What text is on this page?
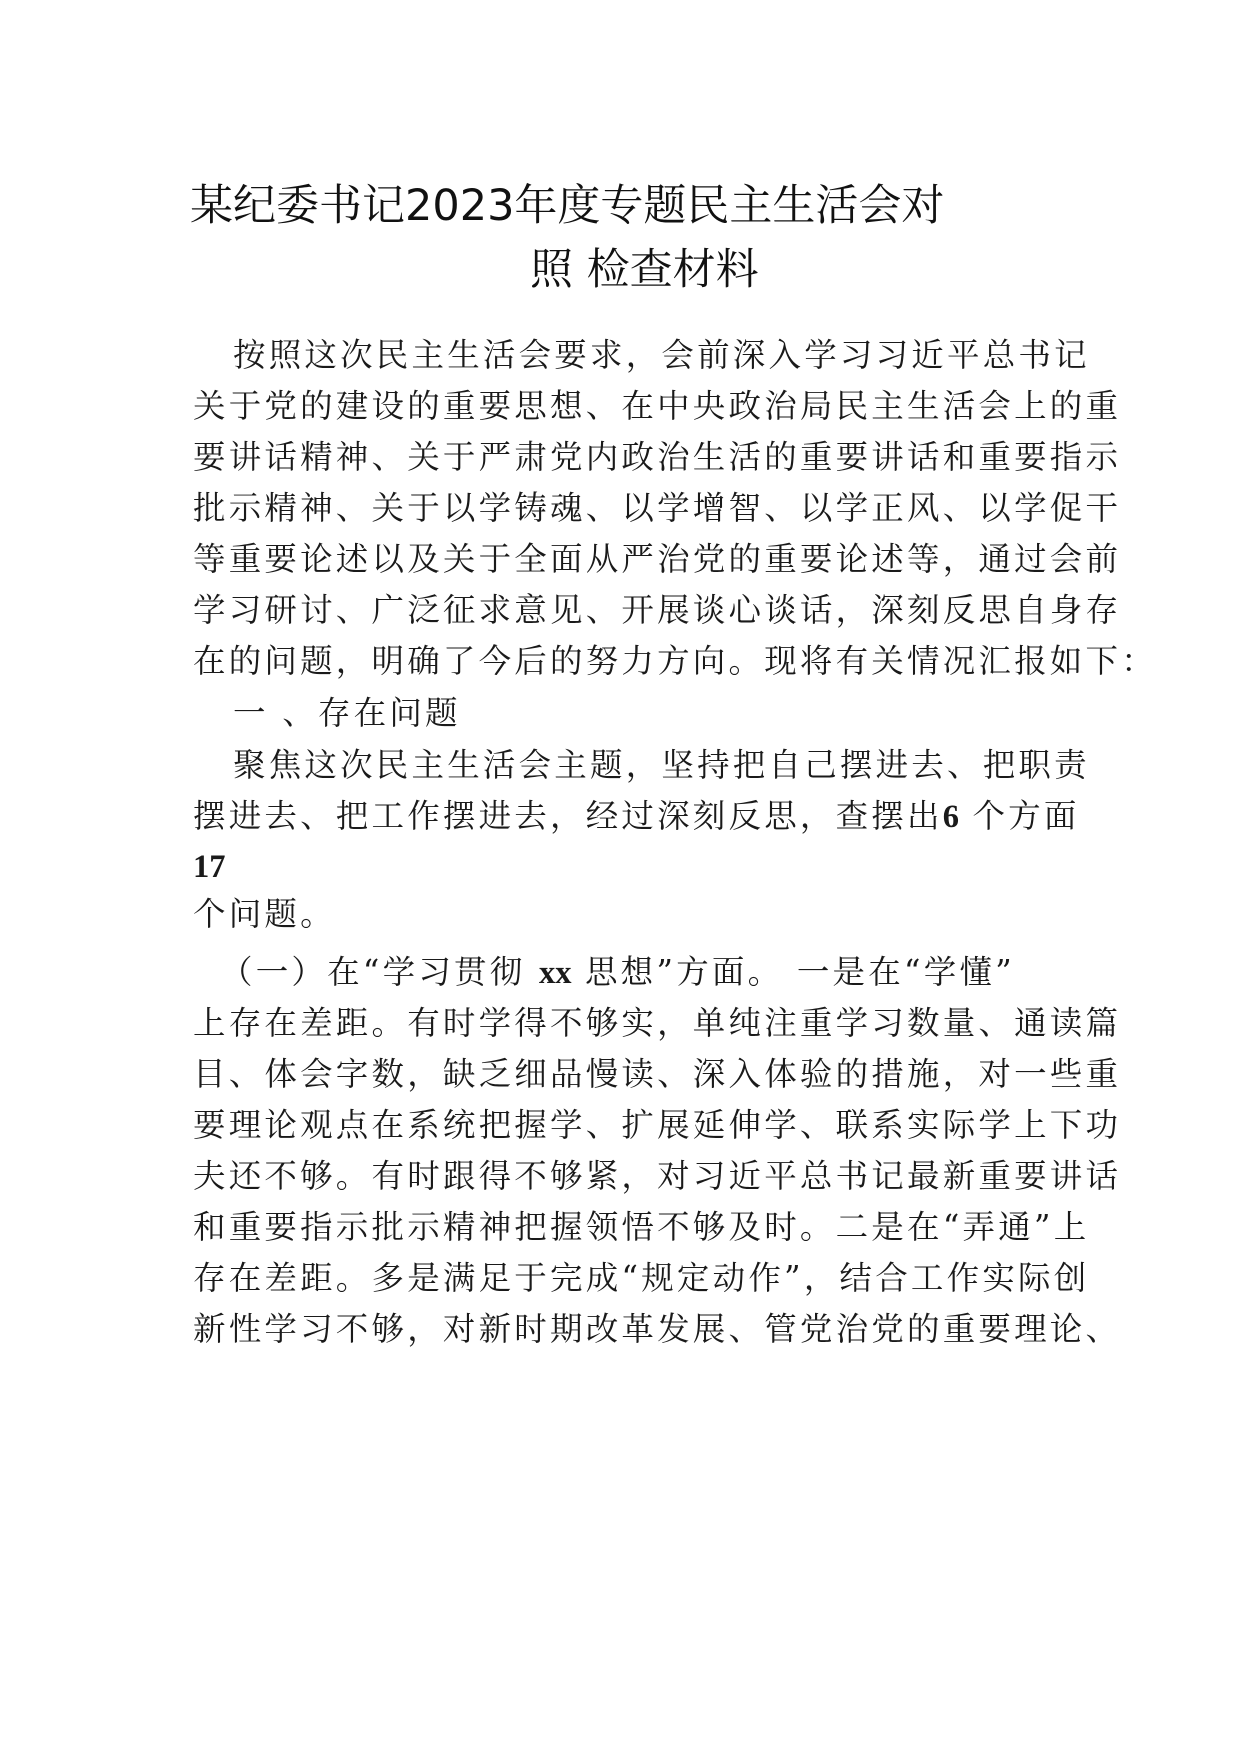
某纪委书记2023年度专题民主生活会对
照 检查材料
按照这次民主生活会要求，会前深入学习习近平总书记
关于党的建设的重要思想、在中央政治局民主生活会上的重
要讲话精神、关于严肃党内政治生活的重要讲话和重要指示
批示精神、关于以学铸魂、以学增智、以学正风、以学促干
等重要论述以及关于全面从严治党的重要论述等，通过会前
学习研讨、广泛征求意见、开展谈心谈话，深刻反思自身存
在的问题，明确了今后的努力方向。现将有关情况汇报如下：
一 、存在问题
聚焦这次民主生活会主题，坚持把自己摆进去、把职责
摆进去、把工作摆进去，经过深刻反思，查摆出6 个方面
17
个问题。
（一）在“学习贯彻 xx 思想”方面。 一是在“学懂”
上存在差距。有时学得不够实，单纯注重学习数量、通读篇
目、体会字数，缺乏细品慢读、深入体验的措施，对一些重
要理论观点在系统把握学、扩展延伸学、联系实际学上下功
夫还不够。有时跟得不够紧，对习近平总书记最新重要讲话
和重要指示批示精神把握领悟不够及时。二是在“弄通”上
存在差距。多是满足于完成“规定动作”，结合工作实际创
新性学习不够，对新时期改革发展、管党治党的重要理论、
